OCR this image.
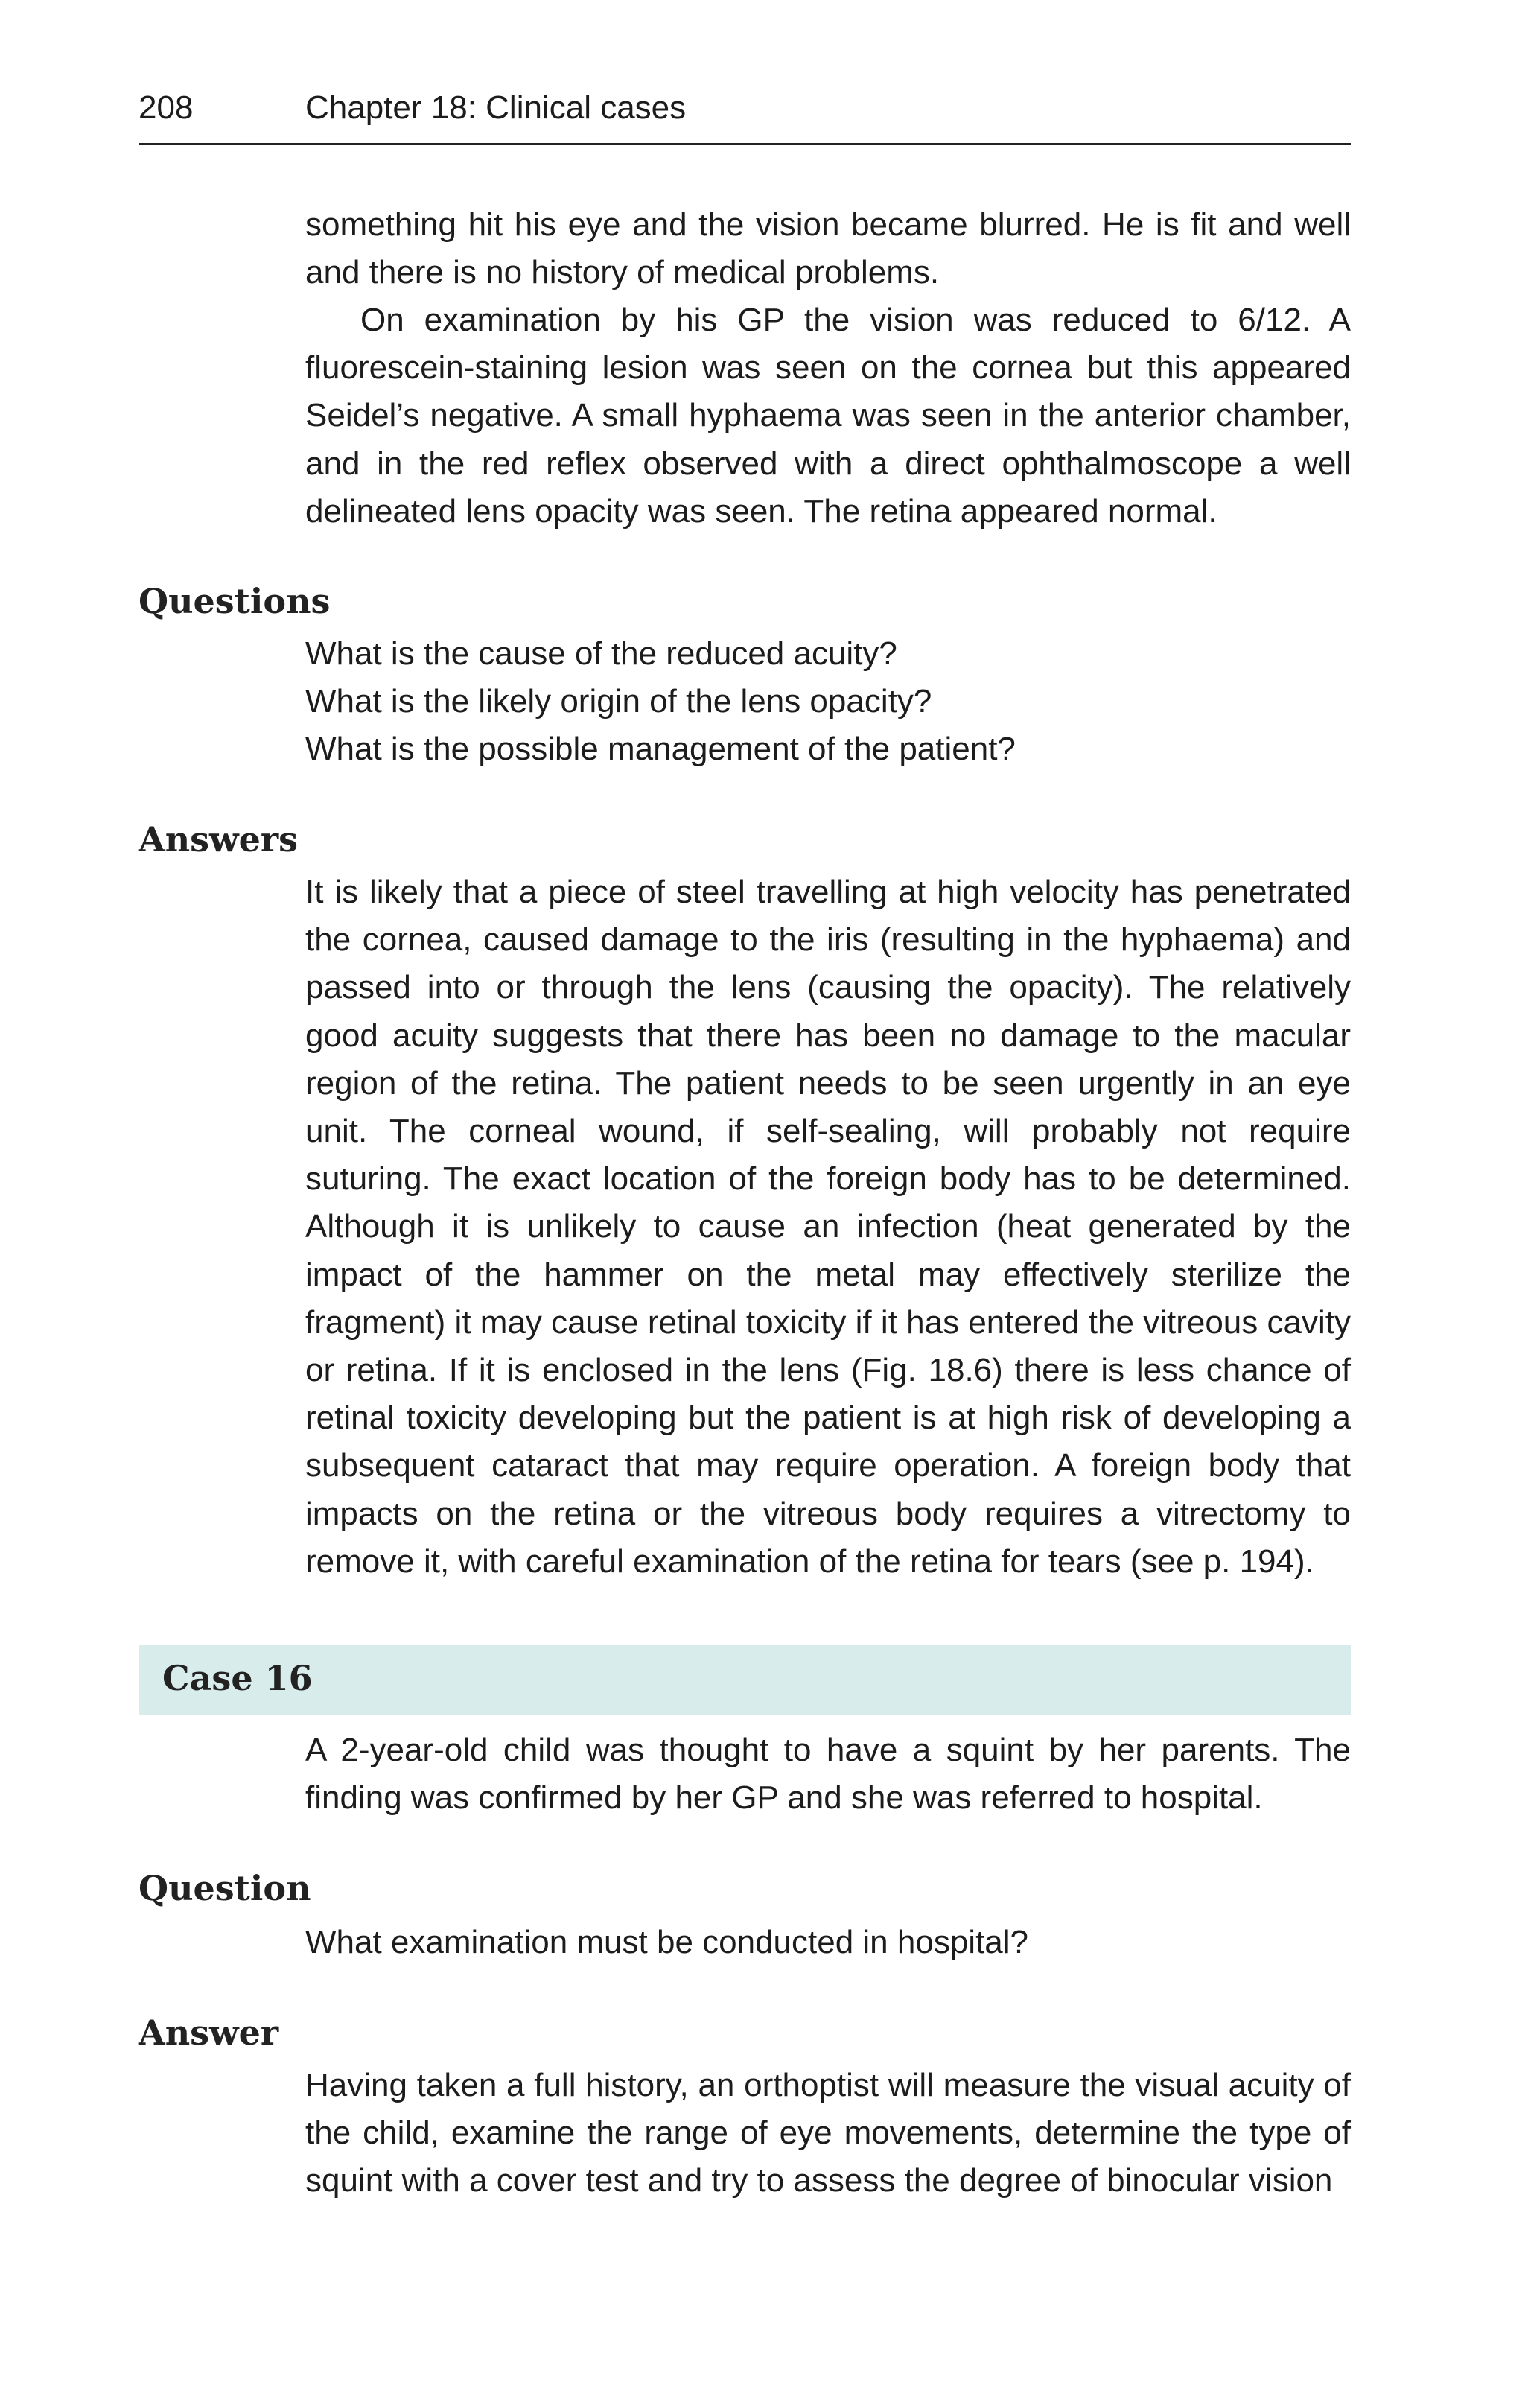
208	Chapter 18: Clinical cases

something hit his eye and the vision became blurred. He is fit and well and there is no history of medical problems.

On examination by his GP the vision was reduced to 6/12. A fluorescein-staining lesion was seen on the cornea but this appeared Seidel’s negative. A small hyphaema was seen in the anterior chamber, and in the red reflex observed with a direct ophthalmoscope a well delineated lens opacity was seen. The retina appeared normal.

Questions

What is the cause of the reduced acuity?

What is the likely origin of the lens opacity?

What is the possible management of the patient?

Answers

It is likely that a piece of steel travelling at high velocity has penetrated the cornea, caused damage to the iris (resulting in the hyphaema) and passed into or through the lens (causing the opacity). The relatively good acuity suggests that there has been no damage to the macular region of the retina. The patient needs to be seen urgently in an eye unit. The corneal wound, if self-sealing, will probably not require suturing. The exact location of the foreign body has to be determined. Although it is unlikely to cause an infection (heat generated by the impact of the hammer on the metal may effectively sterilize the fragment) it may cause retinal toxicity if it has entered the vitreous cavity or retina. If it is enclosed in the lens (Fig. 18.6) there is less chance of retinal toxicity developing but the patient is at high risk of developing a subsequent cataract that may require operation. A foreign body that impacts on the retina or the vitreous body requires a vitrectomy to remove it, with careful examination of the retina for tears (see p. 194).

Case 16

A 2-year-old child was thought to have a squint by her parents. The finding was confirmed by her GP and she was referred to hospital.

Question

What examination must be conducted in hospital?

Answer

Having taken a full history, an orthoptist will measure the visual acuity of the child, examine the range of eye movements, determine the type of squint with a cover test and try to assess the degree of binocular vision
